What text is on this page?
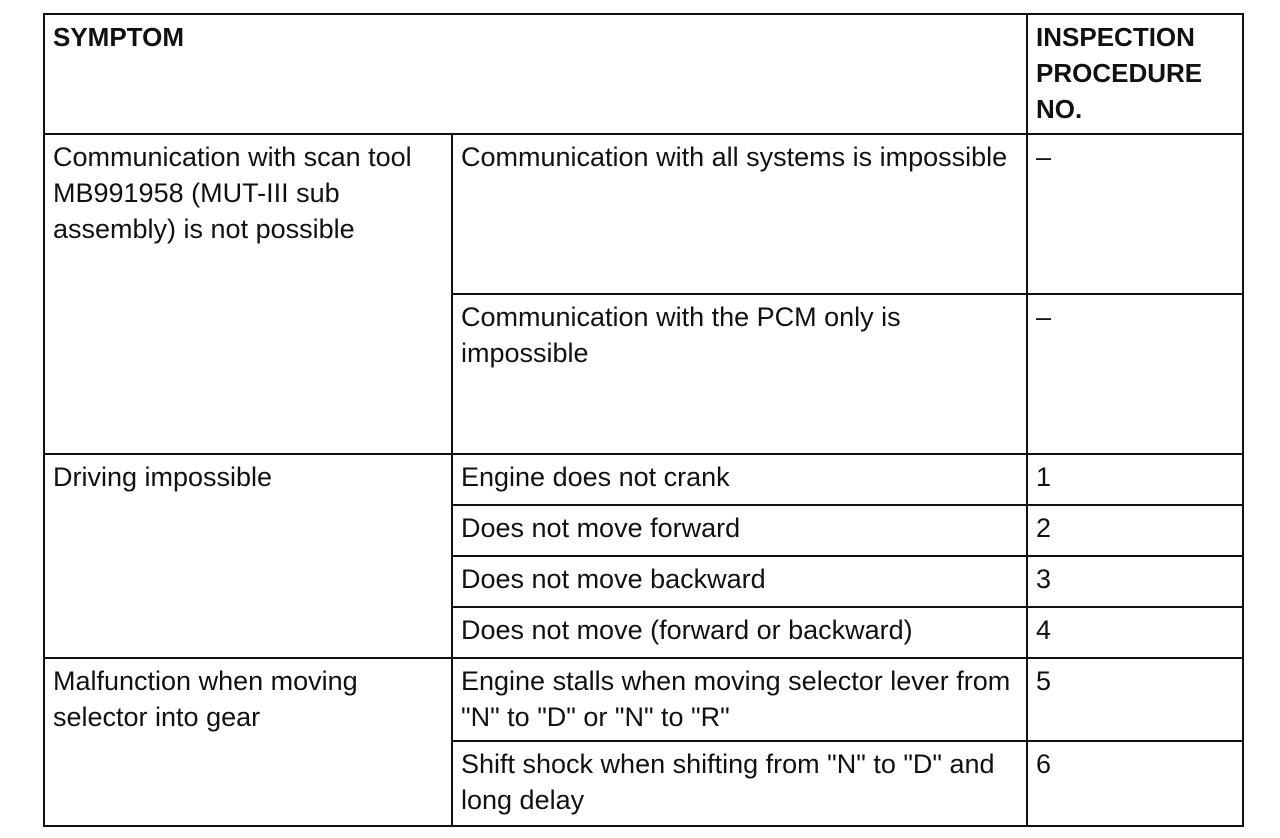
SYMPTOM		INSPECTION
PROCEDURE
NO.
Communication with scan tool MB991958 (MUT-III sub assembly) is not possible	Communication with all systems is impossible	–
	Communication with the PCM only is impossible	–
Driving impossible	Engine does not crank	1
	Does not move forward	2
	Does not move backward	3
	Does not move (forward or backward)	4
Malfunction when moving selector into gear	Engine stalls when moving selector lever from "N" to "D" or "N" to "R"	5
	Shift shock when shifting from "N" to "D" and long delay	6
